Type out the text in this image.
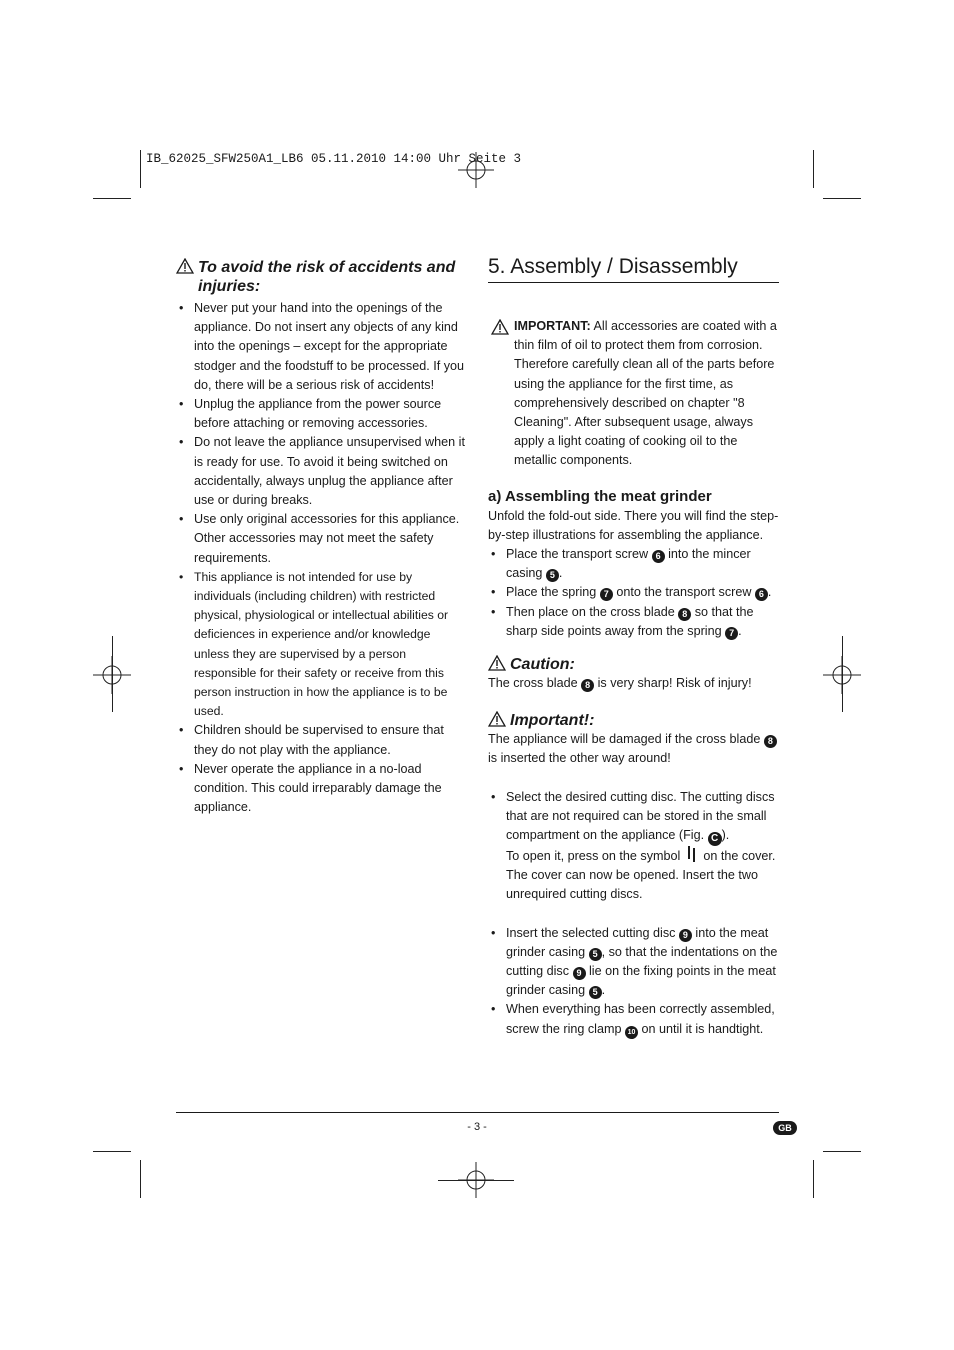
IB_62025_SFW250A1_LB6 05.11.2010 14:00 Uhr Seite 3
To avoid the risk of accidents and injuries:
• Never put your hand into the openings of the appliance. Do not insert any objects of any kind into the openings – except for the appropriate stodger and the foodstuff to be processed. If you do, there will be a serious risk of accidents!
• Unplug the appliance from the power source before attaching or removing accessories.
• Do not leave the appliance unsupervised when it is ready for use. To avoid it being switched on accidentally, always unplug the appliance after use or during breaks.
• Use only original accessories for this appliance. Other accessories may not meet the safety requirements.
• This appliance is not intended for use by individuals (including children) with restricted physical, physiological or intellectual abilities or deficiences in experience and/or knowledge unless they are supervised by a person responsible for their safety or receive from this person instruction in how the appliance is to be used.
• Children should be supervised to ensure that they do not play with the appliance.
• Never operate the appliance in a no-load condition. This could irreparably damage the appliance.
5. Assembly / Disassembly
IMPORTANT: All accessories are coated with a thin film of oil to protect them from corrosion. Therefore carefully clean all of the parts before using the appliance for the first time, as comprehensively described on chapter "8 Cleaning". After subsequent usage, always apply a light coating of cooking oil to the metallic components.
a) Assembling the meat grinder
Unfold the fold-out side. There you will find the step-by-step illustrations for assembling the appliance.
• Place the transport screw 6 into the mincer casing 5 .
• Place the spring 7 onto the transport screw 6 .
• Then place on the cross blade 8 so that the sharp side points away from the spring 7 .
Caution:
The cross blade 8 is very sharp! Risk of injury!
Important!:
The appliance will be damaged if the cross blade 8 is inserted the other way around!
• Select the desired cutting disc. The cutting discs that are not required can be stored in the small compartment on the appliance (Fig. C ).
To open it, press on the symbol on the cover. The cover can now be opened. Insert the two unrequired cutting discs.
• Insert the selected cutting disc 9 into the meat grinder casing 5 , so that the indentations on the cutting disc 9 lie on the fixing points in the meat grinder casing 5 .
• When everything has been correctly assembled, screw the ring clamp 10 on until it is handtight.
- 3 -	GB
